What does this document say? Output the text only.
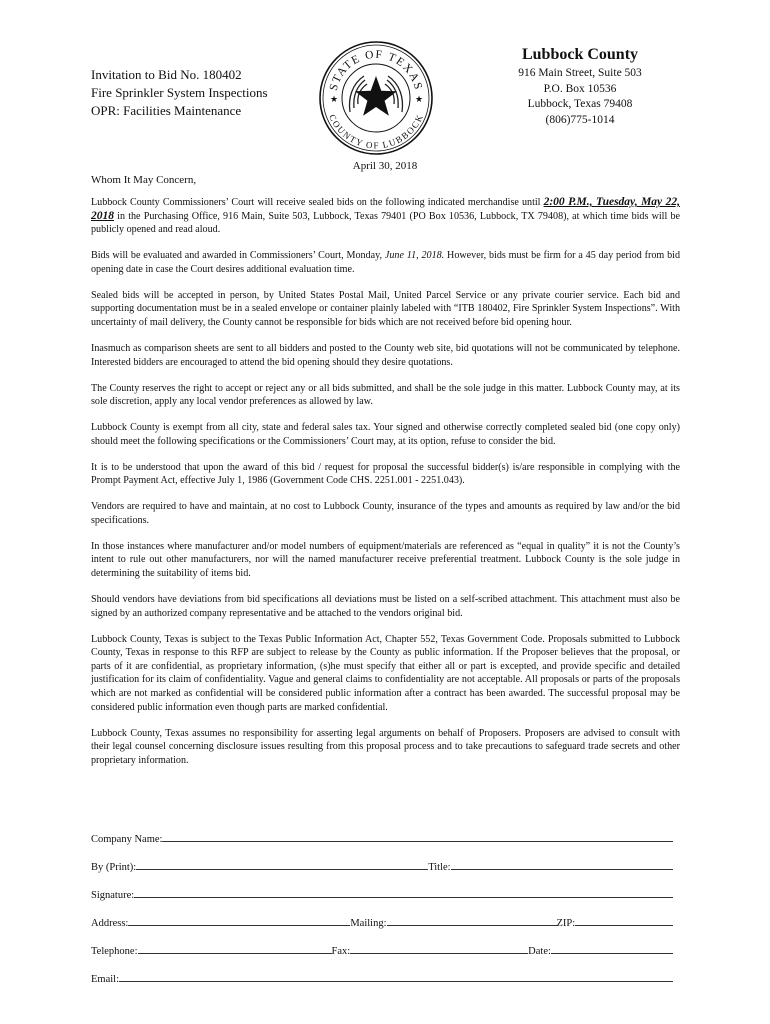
Invitation to Bid No. 180402
Fire Sprinkler System Inspections
OPR: Facilities Maintenance
STATE OF TEXAS
COUNTY OF LUBBOCK
★	★
Lubbock County
916 Main Street, Suite 503
P.O. Box 10536
Lubbock, Texas 79408
(806)775-1014
April 30, 2018
Whom It May Concern,

Lubbock County Commissioners’ Court will receive sealed bids on the following indicated merchandise until 2:00 P.M., Tuesday, May 22, 2018 in the Purchasing Office, 916 Main, Suite 503, Lubbock, Texas 79401 (PO Box 10536, Lubbock, TX 79408), at which time bids will be publicly opened and read aloud.

Bids will be evaluated and awarded in Commissioners’ Court, Monday, June 11, 2018. However, bids must be firm for a 45 day period from bid opening date in case the Court desires additional evaluation time.

Sealed bids will be accepted in person, by United States Postal Mail, United Parcel Service or any private courier service. Each bid and supporting documentation must be in a sealed envelope or container plainly labeled with “ITB 180402, Fire Sprinkler System Inspections”. With uncertainty of mail delivery, the County cannot be responsible for bids which are not received before bid opening hour.

Inasmuch as comparison sheets are sent to all bidders and posted to the County web site, bid quotations will not be communicated by telephone. Interested bidders are encouraged to attend the bid opening should they desire quotations.

The County reserves the right to accept or reject any or all bids submitted, and shall be the sole judge in this matter. Lubbock County may, at its sole discretion, apply any local vendor preferences as allowed by law.

Lubbock County is exempt from all city, state and federal sales tax. Your signed and otherwise correctly completed sealed bid (one copy only) should meet the following specifications or the Commissioners’ Court may, at its option, refuse to consider the bid.

It is to be understood that upon the award of this bid / request for proposal the successful bidder(s) is/are responsible in complying with the Prompt Payment Act, effective July 1, 1986 (Government Code CHS. 2251.001 - 2251.043).

Vendors are required to have and maintain, at no cost to Lubbock County, insurance of the types and amounts as required by law and/or the bid specifications.

In those instances where manufacturer and/or model numbers of equipment/materials are referenced as “equal in quality” it is not the County’s intent to rule out other manufacturers, nor will the named manufacturer receive preferential treatment. Lubbock County is the sole judge in determining the suitability of items bid.

Should vendors have deviations from bid specifications all deviations must be listed on a self-scribed attachment. This attachment must also be signed by an authorized company representative and be attached to the vendors original bid.

Lubbock County, Texas is subject to the Texas Public Information Act, Chapter 552, Texas Government Code. Proposals submitted to Lubbock County, Texas in response to this RFP are subject to release by the County as public information. If the Proposer believes that the proposal, or parts of it are confidential, as proprietary information, (s)he must specify that either all or part is excepted, and provide specific and detailed justification for its claim of confidentiality. Vague and general claims to confidentiality are not acceptable. All proposals or parts of the proposals which are not marked as confidential will be considered public information after a contract has been awarded. The successful proposal may be considered public information even though parts are marked confidential.

Lubbock County, Texas assumes no responsibility for asserting legal arguments on behalf of Proposers. Proposers are advised to consult with their legal counsel concerning disclosure issues resulting from this proposal process and to take precautions to safeguard trade secrets and other proprietary information.

Company Name:
By (Print):	Title:
Signature:
Address:	Mailing:	ZIP:
Telephone:	Fax:	Date:
Email:
